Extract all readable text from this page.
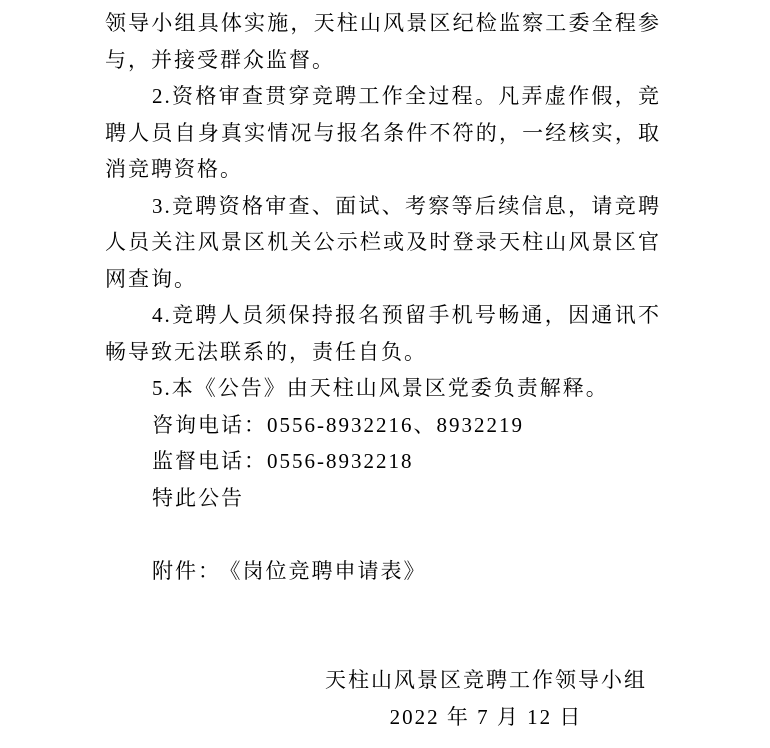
领导小组具体实施，天柱山风景区纪检监察工委全程参与，并接受群众监督。

2.资格审查贯穿竞聘工作全过程。凡弄虚作假，竞聘人员自身真实情况与报名条件不符的，一经核实，取消竞聘资格。

3.竞聘资格审查、面试、考察等后续信息，请竞聘人员关注风景区机关公示栏或及时登录天柱山风景区官网查询。

4.竞聘人员须保持报名预留手机号畅通，因通讯不畅导致无法联系的，责任自负。

5.本《公告》由天柱山风景区党委负责解释。

咨询电话：0556-8932216、8932219

监督电话：0556-8932218

特此公告

附件： 《岗位竞聘申请表》

天柱山风景区竞聘工作领导小组
2022 年 7 月 12 日
